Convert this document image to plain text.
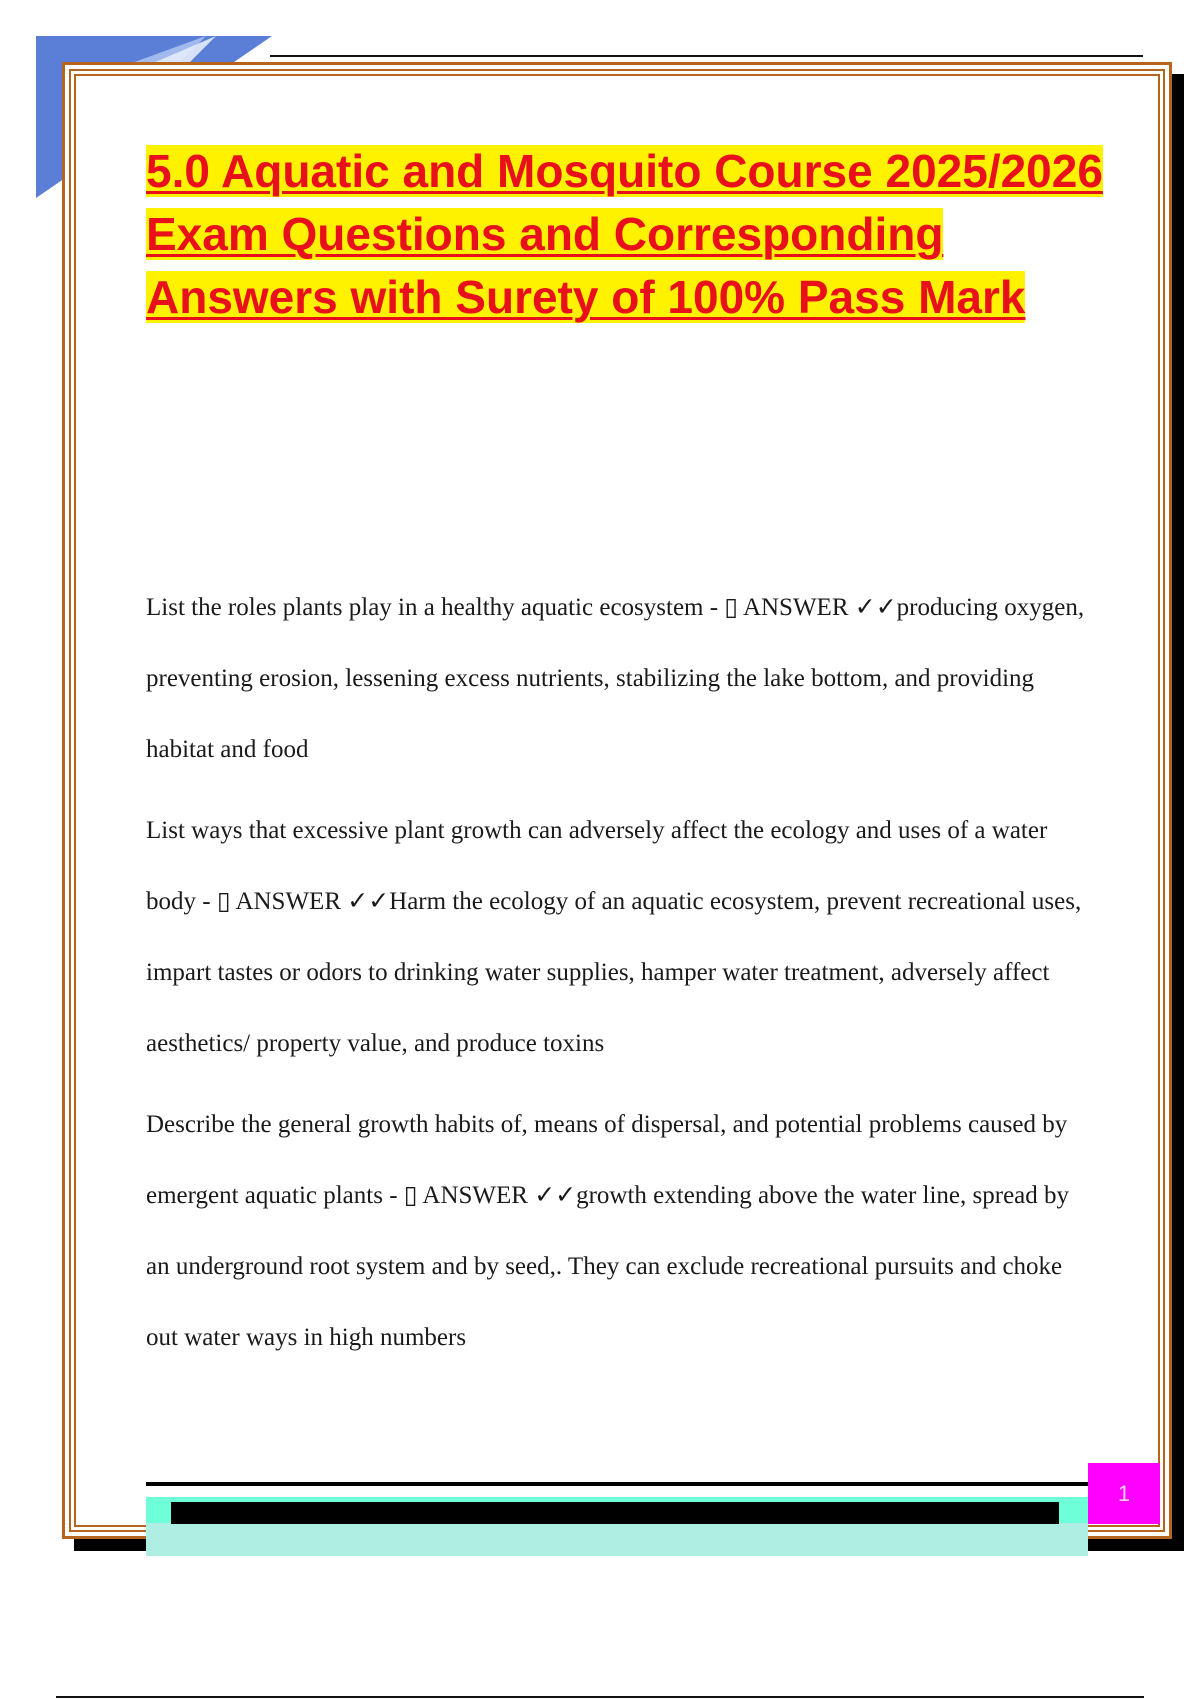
5.0 Aquatic and Mosquito Course 2025/2026 Exam Questions and Corresponding Answers with Surety of 100% Pass Mark

List the roles plants play in a healthy aquatic ecosystem - ▯ ANSWER ✓✓producing oxygen, preventing erosion, lessening excess nutrients, stabilizing the lake bottom, and providing habitat and food

List ways that excessive plant growth can adversely affect the ecology and uses of a water body - ▯ ANSWER ✓✓Harm the ecology of an aquatic ecosystem, prevent recreational uses, impart tastes or odors to drinking water supplies, hamper water treatment, adversely affect aesthetics/ property value, and produce toxins

Describe the general growth habits of, means of dispersal, and potential problems caused by emergent aquatic plants - ▯ ANSWER ✓✓growth extending above the water line, spread by an underground root system and by seed,. They can exclude recreational pursuits and choke out water ways in high numbers

1
